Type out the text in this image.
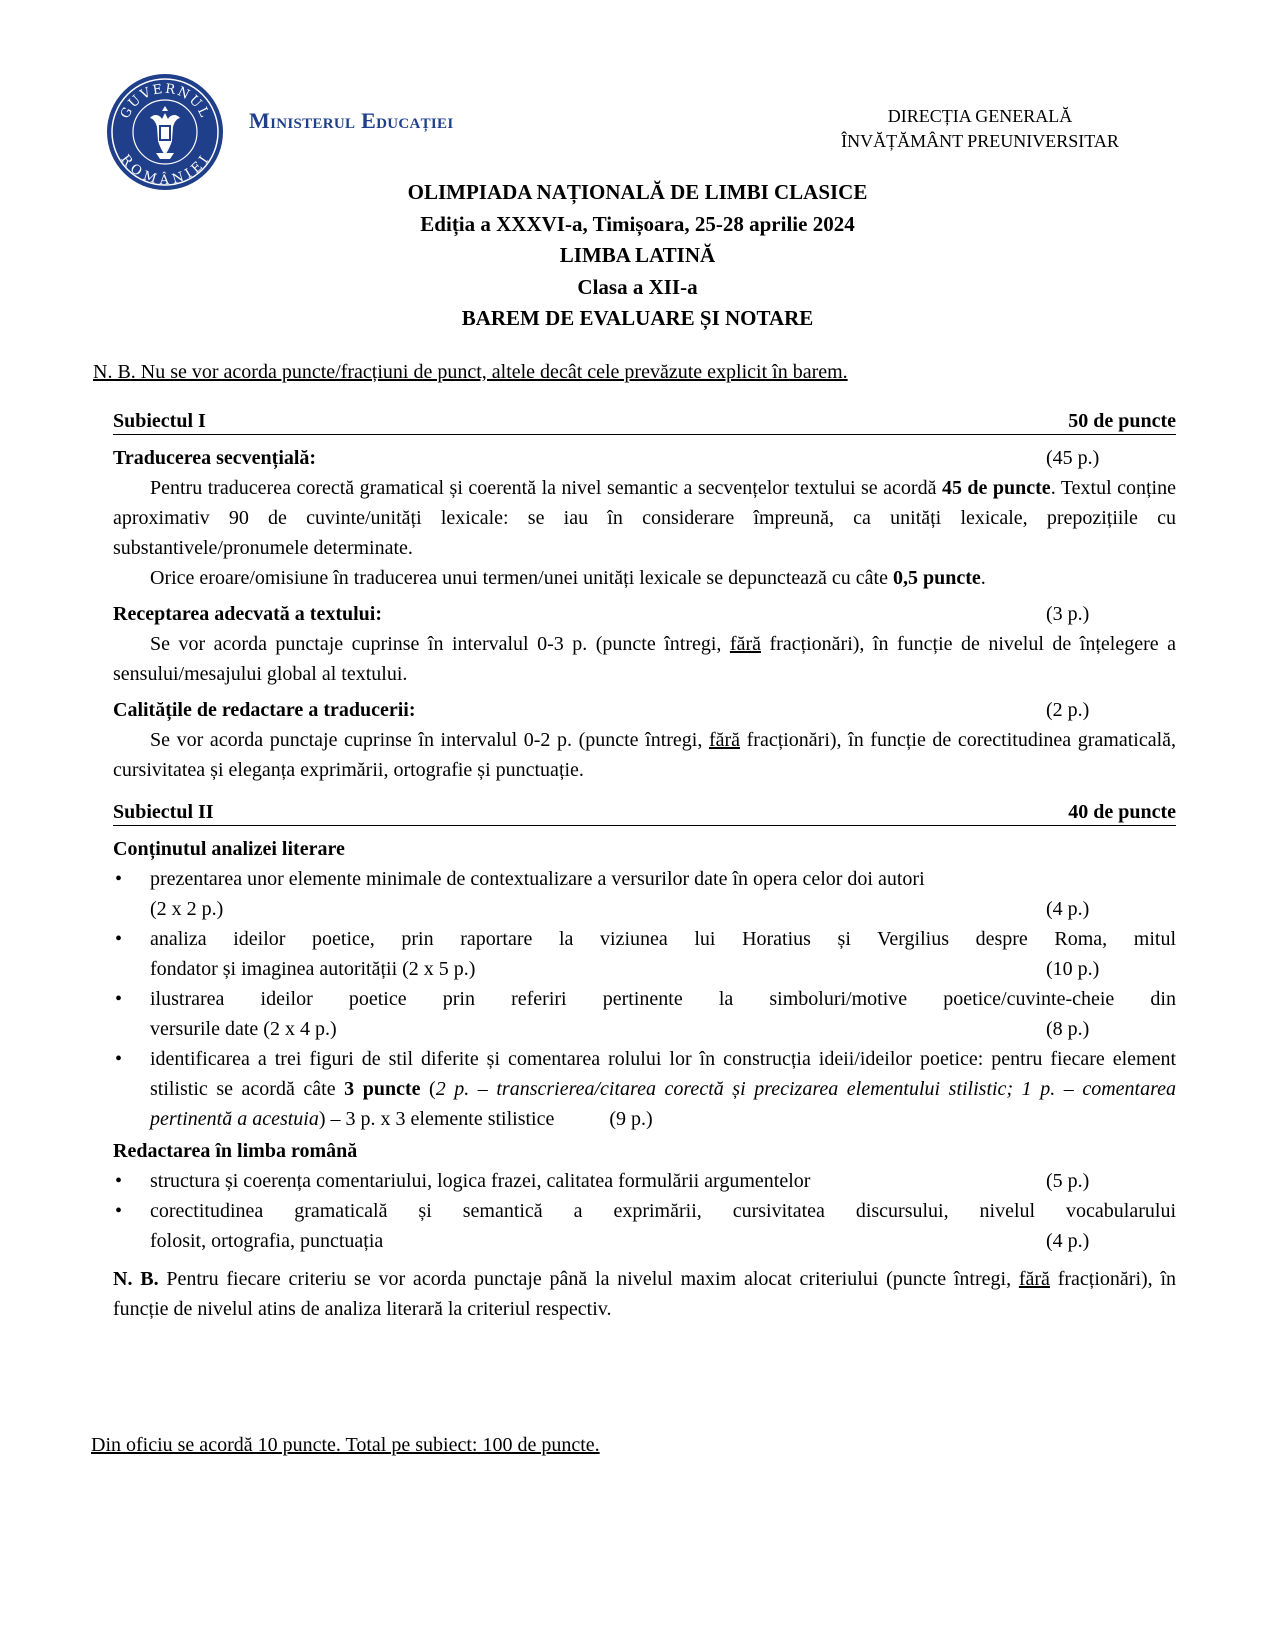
GUVERNUL
ROMÂNIEI
Ministerul Educației	DIRECȚIA GENERALĂ
ÎNVĂȚĂMÂNT PREUNIVERSITAR
OLIMPIADA NAȚIONALĂ DE LIMBI CLASICE
Ediția a XXXVI-a, Timișoara, 25-28 aprilie 2024
LIMBA LATINĂ
Clasa a XII-a
BAREM DE EVALUARE ȘI NOTARE
N. B. Nu se vor acorda puncte/fracțiuni de punct, altele decât cele prevăzute explicit în barem.
Subiectul I	50 de puncte
Traducerea secvențială:	(45 p.)

Pentru traducerea corectă gramatical și coerentă la nivel semantic a secvențelor textului se acordă 45 de puncte. Textul conține aproximativ 90 de cuvinte/unități lexicale: se iau în considerare împreună, ca unități lexicale, prepozițiile cu substantivele/pronumele determinate.

Orice eroare/omisiune în traducerea unui termen/unei unități lexicale se depunctează cu câte 0,5 puncte.

Receptarea adecvată a textului:	(3 p.)

Se vor acorda punctaje cuprinse în intervalul 0-3 p. (puncte întregi, fără fracționări), în funcție de nivelul de înțelegere a sensului/mesajului global al textului.

Calitățile de redactare a traducerii:	(2 p.)

Se vor acorda punctaje cuprinse în intervalul 0-2 p. (puncte întregi, fără fracționări), în funcție de corectitudinea gramaticală, cursivitatea și eleganța exprimării, ortografie și punctuație.

Subiectul II	40 de puncte
Conținutul analizei literare
• prezentarea unor elemente minimale de contextualizare a versurilor date în opera celor doi autori
(2 x 2 p.)	(4 p.)
• analiza ideilor poetice, prin raportare la viziunea lui Horatius și Vergilius despre Roma, mitul
fondator și imaginea autorității (2 x 5 p.)	(10 p.)
• ilustrarea ideilor poetice prin referiri pertinente la simboluri/motive poetice/cuvinte-cheie din
versurile date (2 x 4 p.)	(8 p.)
• identificarea a trei figuri de stil diferite și comentarea rolului lor în construcția ideii/ideilor poetice: pentru fiecare element stilistic se acordă câte 3 puncte (2 p. – transcrierea/citarea corectă și precizarea elementului stilistic; 1 p. – comentarea pertinentă a acestuia) – 3 p. x 3 elemente stilistice	(9 p.)
Redactarea în limba română
• structura și coerența comentariului, logica frazei, calitatea formulării argumentelor	(5 p.)
• corectitudinea gramaticală și semantică a exprimării, cursivitatea discursului, nivelul vocabularului
folosit, ortografia, punctuația	(4 p.)
N. B. Pentru fiecare criteriu se vor acorda punctaje până la nivelul maxim alocat criteriului (puncte întregi, fără fracționări), în funcție de nivelul atins de analiza literară la criteriul respectiv.
Din oficiu se acordă 10 puncte. Total pe subiect: 100 de puncte.
